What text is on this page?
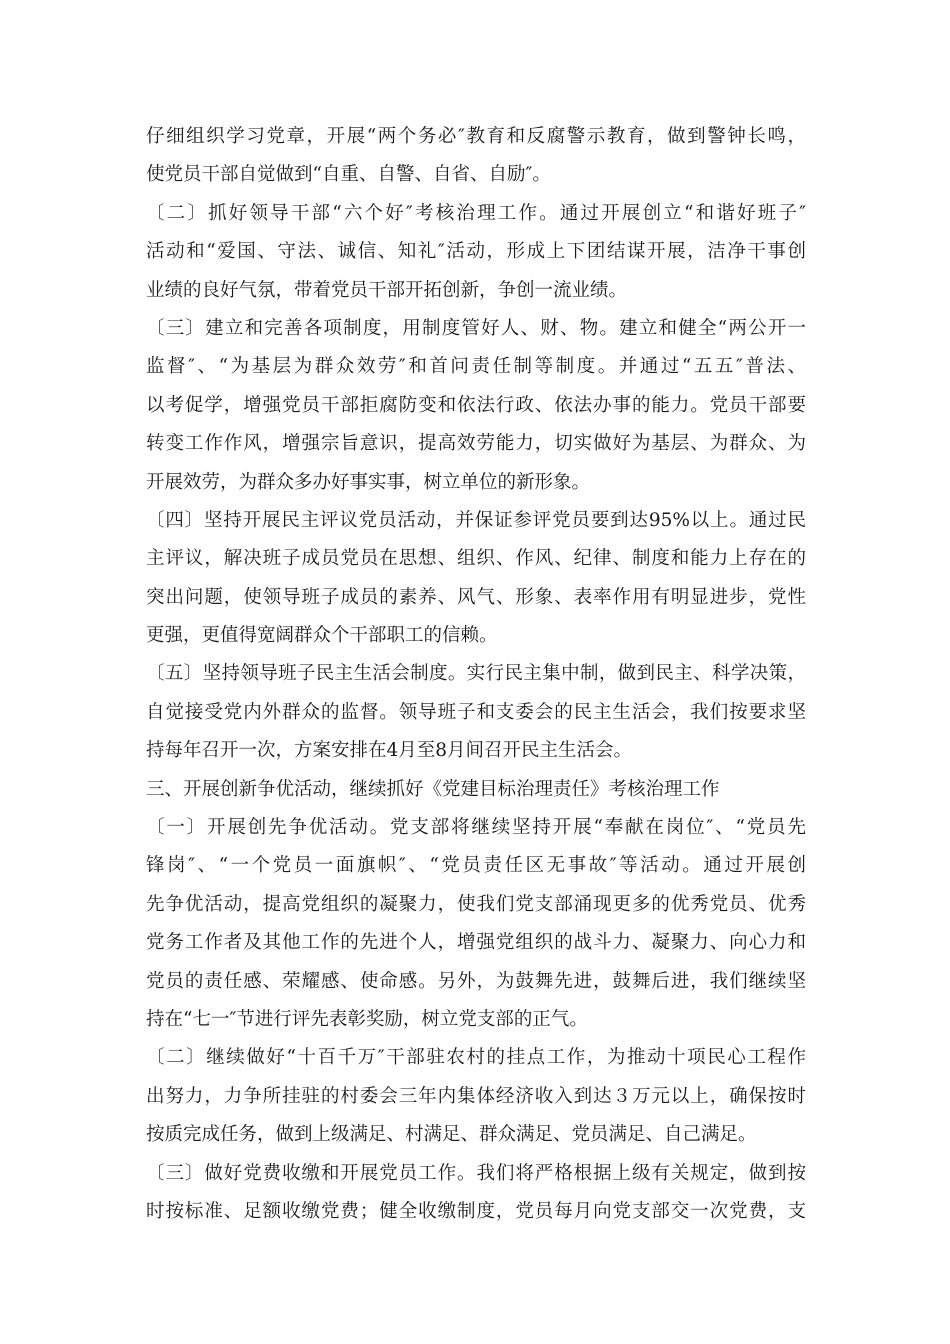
仔细组织学习党章，开展“两个务必″教育和反腐警示教育，做到警钟长鸣，
使党员干部自觉做到“自重、自警、自省、自励″。
〔二〕抓好领导干部“六个好″考核治理工作。通过开展创立“和谐好班子″
活动和“爱国、守法、诚信、知礼″活动，形成上下团结谋开展，洁净干事创
业绩的良好气氛，带着党员干部开拓创新，争创一流业绩。
〔三〕建立和完善各项制度，用制度管好人、财、物。建立和健全“两公开一
监督″、“为基层为群众效劳″和首问责任制等制度。并通过“五五″普法、
以考促学，增强党员干部拒腐防变和依法行政、依法办事的能力。党员干部要
转变工作作风，增强宗旨意识，提高效劳能力，切实做好为基层、为群众、为
开展效劳，为群众多办好事实事，树立单位的新形象。
〔四〕坚持开展民主评议党员活动，并保证参评党员要到达95%以上。通过民
主评议，解决班子成员党员在思想、组织、作风、纪律、制度和能力上存在的
突出问题，使领导班子成员的素养、风气、形象、表率作用有明显进步，党性
更强，更值得宽阔群众个干部职工的信赖。
〔五〕坚持领导班子民主生活会制度。实行民主集中制，做到民主、科学决策，
自觉接受党内外群众的监督。领导班子和支委会的民主生活会，我们按要求坚
持每年召开一次，方案安排在4月至8月间召开民主生活会。
三、开展创新争优活动，继续抓好《党建目标治理责任》考核治理工作
〔一〕开展创先争优活动。党支部将继续坚持开展“奉献在岗位″、“党员先
锋岗″、“一个党员一面旗帜″、“党员责任区无事故″等活动。通过开展创
先争优活动，提高党组织的凝聚力，使我们党支部涌现更多的优秀党员、优秀
党务工作者及其他工作的先进个人，增强党组织的战斗力、凝聚力、向心力和
党员的责任感、荣耀感、使命感。另外，为鼓舞先进，鼓舞后进，我们继续坚
持在“七一″节进行评先表彰奖励，树立党支部的正气。
〔二〕继续做好“十百千万″干部驻农村的挂点工作，为推动十项民心工程作
出努力，力争所挂驻的村委会三年内集体经济收入到达３万元以上，确保按时
按质完成任务，做到上级满足、村满足、群众满足、党员满足、自己满足。
〔三〕做好党费收缴和开展党员工作。我们将严格根据上级有关规定，做到按
时按标准、足额收缴党费；健全收缴制度，党员每月向党支部交一次党费，支
